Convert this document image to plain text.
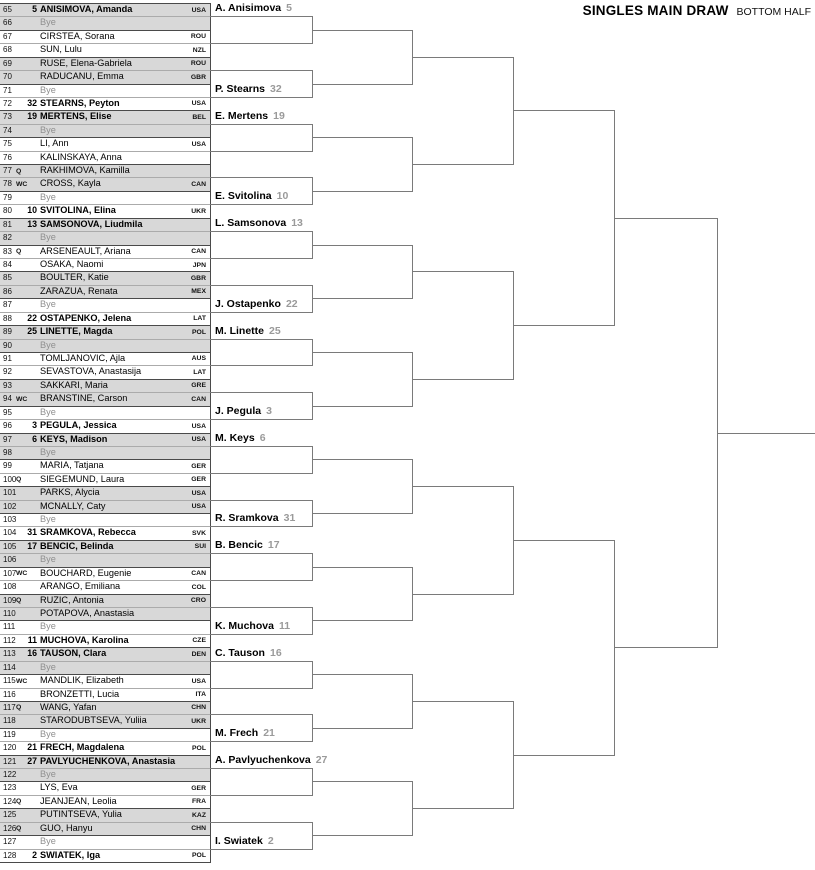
SINGLES MAIN DRAW BOTTOM HALF
65	5 ANISIMOVA, Amanda	USA
66	Bye
67	CIRSTEA, Sorana	ROU
68	SUN, Lulu	NZL
69	RUSE, Elena-Gabriela	ROU
70	RADUCANU, Emma	GBR
71	Bye
72	32 STEARNS, Peyton	USA
73	19 MERTENS, Elise	BEL
74	Bye
75	LI, Ann	USA
76	KALINSKAYA, Anna
77 Q	RAKHIMOVA, Kamilla
78 WC	CROSS, Kayla	CAN
79	Bye
80	10 SVITOLINA, Elina	UKR
81	13 SAMSONOVA, Liudmila
82	Bye
83 Q	ARSENEAULT, Ariana	CAN
84	OSAKA, Naomi	JPN
85	BOULTER, Katie	GBR
86	ZARAZUA, Renata	MEX
87	Bye
88	22 OSTAPENKO, Jelena	LAT
89	25 LINETTE, Magda	POL
90	Bye
91	TOMLJANOVIC, Ajla	AUS
92	SEVASTOVA, Anastasija	LAT
93	SAKKARI, Maria	GRE
94 WC	BRANSTINE, Carson	CAN
95	Bye
96	3 PEGULA, Jessica	USA
97	6 KEYS, Madison	USA
98	Bye
99	MARIA, Tatjana	GER
100 Q	SIEGEMUND, Laura	GER
101	PARKS, Alycia	USA
102	MCNALLY, Caty	USA
103	Bye
104	31 SRAMKOVA, Rebecca	SVK
105	17 BENCIC, Belinda	SUI
106	Bye
107 WC	BOUCHARD, Eugenie	CAN
108	ARANGO, Emiliana	COL
109 Q	RUZIC, Antonia	CRO
110	POTAPOVA, Anastasia
111	Bye
112	11 MUCHOVA, Karolina	CZE
113	16 TAUSON, Clara	DEN
114	Bye
115 WC	MANDLIK, Elizabeth	USA
116	BRONZETTI, Lucia	ITA
117 Q	WANG, Yafan	CHN
118	STARODUBTSEVA, Yuliia	UKR
119	Bye
120	21 FRECH, Magdalena	POL
121	27 PAVLYUCHENKOVA, Anastasia
122	Bye
123	LYS, Eva	GER
124 Q	JEANJEAN, Leolia	FRA
125	PUTINTSEVA, Yulia	KAZ
126 Q	GUO, Hanyu	CHN
127	Bye
128	2 SWIATEK, Iga	POL
A. Anisimova 5
P. Stearns 32
E. Mertens 19
E. Svitolina 10
L. Samsonova 13
J. Ostapenko 22
M. Linette 25
J. Pegula 3
M. Keys 6
R. Sramkova 31
B. Bencic 17
K. Muchova 11
C. Tauson 16
M. Frech 21
A. Pavlyuchenkova 27
I. Swiatek 2
